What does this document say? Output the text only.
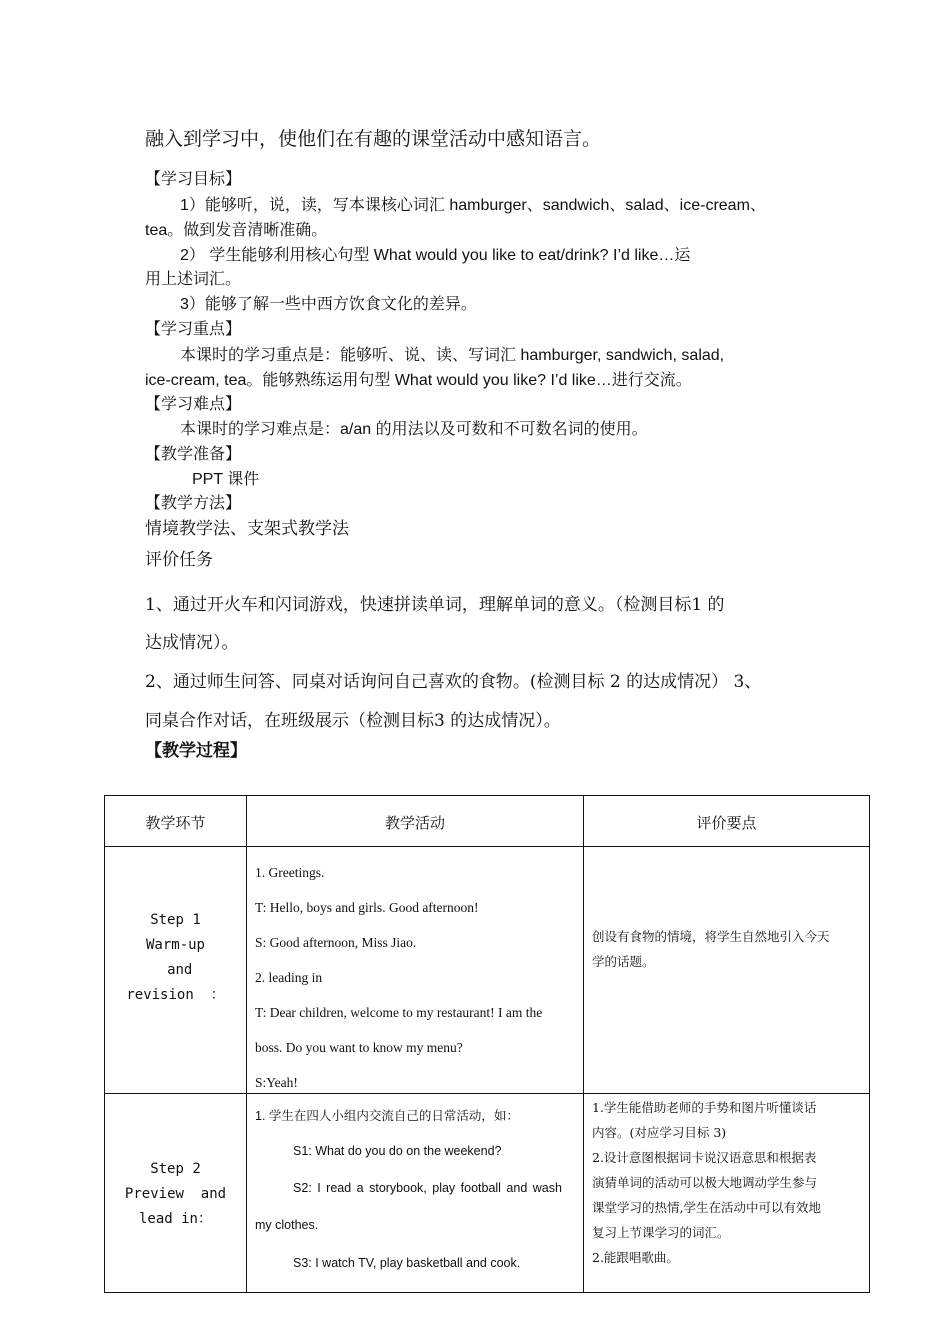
融入到学习中，使他们在有趣的课堂活动中感知语言。
【学习目标】
1）能够听，说，读，写本课核心词汇 hamburger、sandwich、salad、ice-cream、
tea。做到发音清晰准确。
2） 学生能够利用核心句型 What would you like to eat/drink? I’d like…运
用上述词汇。
3）能够了解一些中西方饮食文化的差异。
【学习重点】
本课时的学习重点是：能够听、说、读、写词汇 hamburger, sandwich, salad,
ice-cream, tea。能够熟练运用句型 What would you like? I’d like…进行交流。
【学习难点】
本课时的学习难点是：a/an 的用法以及可数和不可数名词的使用。
【教学准备】
PPT 课件
【教学方法】
情境教学法、支架式教学法
评价任务
1、通过开火车和闪词游戏，快速拼读单词，理解单词的意义。（检测目标1 的
达成情况）。
2、通过师生问答、同桌对话询问自己喜欢的食物。(检测目标 2 的达成情况） 3、
同桌合作对话，在班级展示（检测目标3 的达成情况）。
【教学过程】
教学环节	教学活动	评价要点
Step 1
Warm-up
and
revision  ：
1. Greetings.
T: Hello, boys and girls. Good afternoon!
S: Good afternoon, Miss Jiao.
2. leading in
T: Dear children, welcome to my restaurant! I am the
boss. Do you want to know my menu?
S:Yeah!
创设有食物的情境，将学生自然地引入今天
学的话题。
Step 2
Preview  and
lead in：
1. 学生在四人小组内交流自己的日常活动，如：
S1: What do you do on the weekend?
S2: I read a storybook, play football and wash
my clothes.
S3: I watch TV, play basketball and cook.
1.学生能借助老师的手势和图片听懂谈话
内容。(对应学习目标 3)
2.设计意图根据词卡说汉语意思和根据表
演猜单词的活动可以极大地调动学生参与
课堂学习的热情,学生在活动中可以有效地
复习上节课学习的词汇。
2.能跟唱歌曲。
